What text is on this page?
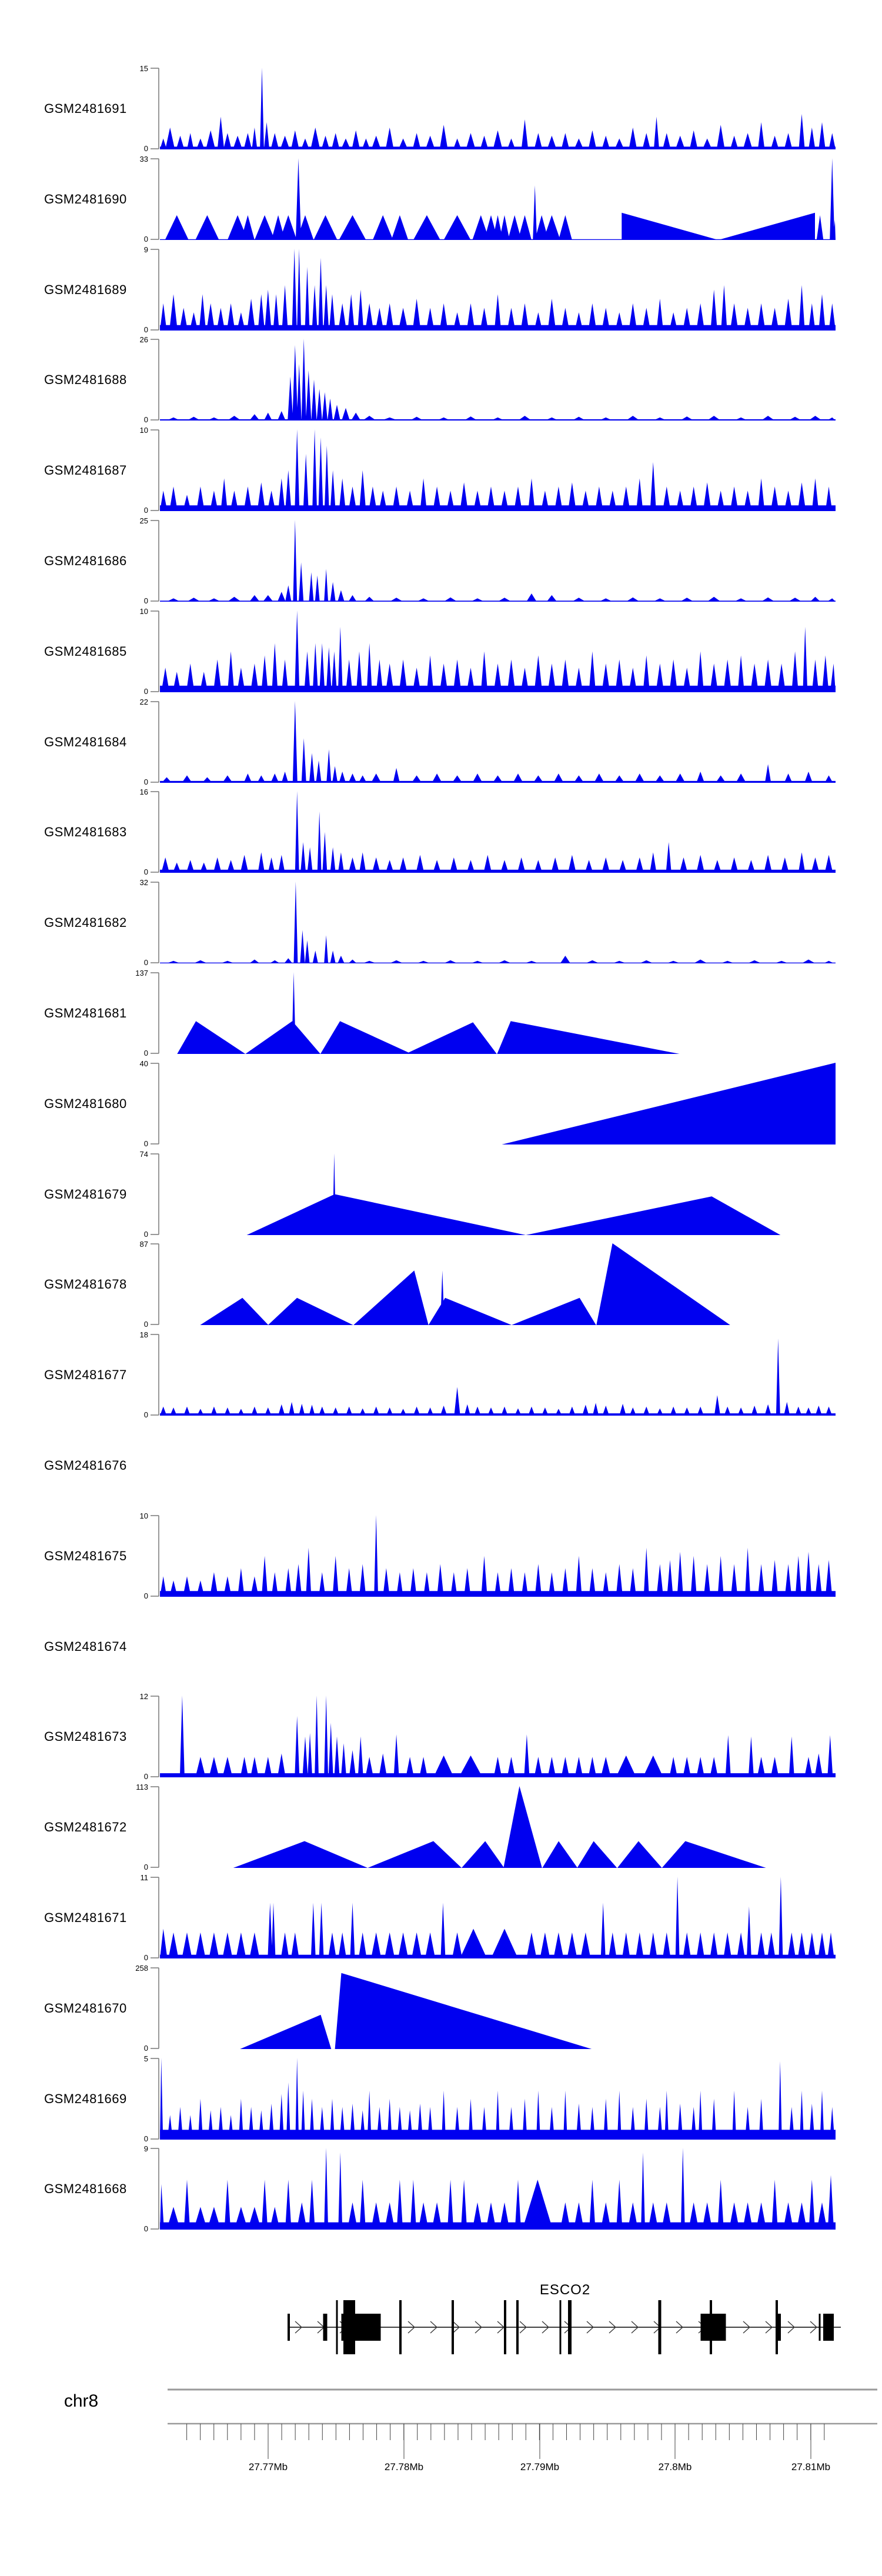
GSM2481691
15
0
GSM2481690
33
0
GSM2481689
9
0
GSM2481688
26
0
GSM2481687
10
0
GSM2481686
25
0
GSM2481685
10
0
GSM2481684
22
0
GSM2481683
16
0
GSM2481682
32
0
GSM2481681
137
0
GSM2481680
40
0
GSM2481679
74
0
GSM2481678
87
0
GSM2481677
18
0
GSM2481676
GSM2481675
10
0
GSM2481674
GSM2481673
12
0
GSM2481672
113
0
GSM2481671
11
0
GSM2481670
258
0
GSM2481669
5
0
GSM2481668
9
0
ESCO2
chr8
27.77Mb	27.78Mb	27.79Mb	27.8Mb	27.81Mb
